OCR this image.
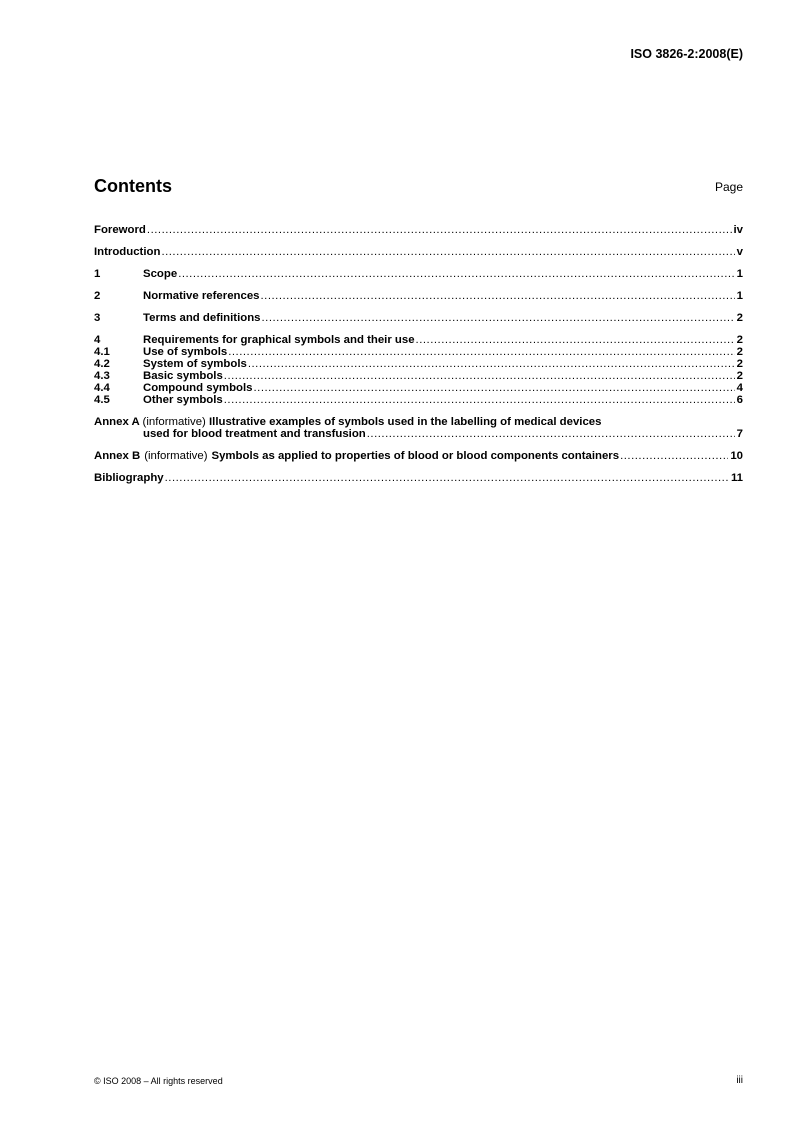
ISO 3826-2:2008(E)
Contents	Page
Foreword .....	iv
Introduction .....	v
1	Scope .....	1
2	Normative references .....	1
3	Terms and definitions .....	2
4	Requirements for graphical symbols and their use .....	2
4.1	Use of symbols .....	2
4.2	System of symbols .....	2
4.3	Basic symbols .....	2
4.4	Compound symbols .....	4
4.5	Other symbols .....	6
Annex A (informative) Illustrative examples of symbols used in the labelling of medical devices
used for blood treatment and transfusion .....	7
Annex B (informative) Symbols as applied to properties of blood or blood components containers .....	10
Bibliography .....	11
© ISO 2008 – All rights reserved	iii
